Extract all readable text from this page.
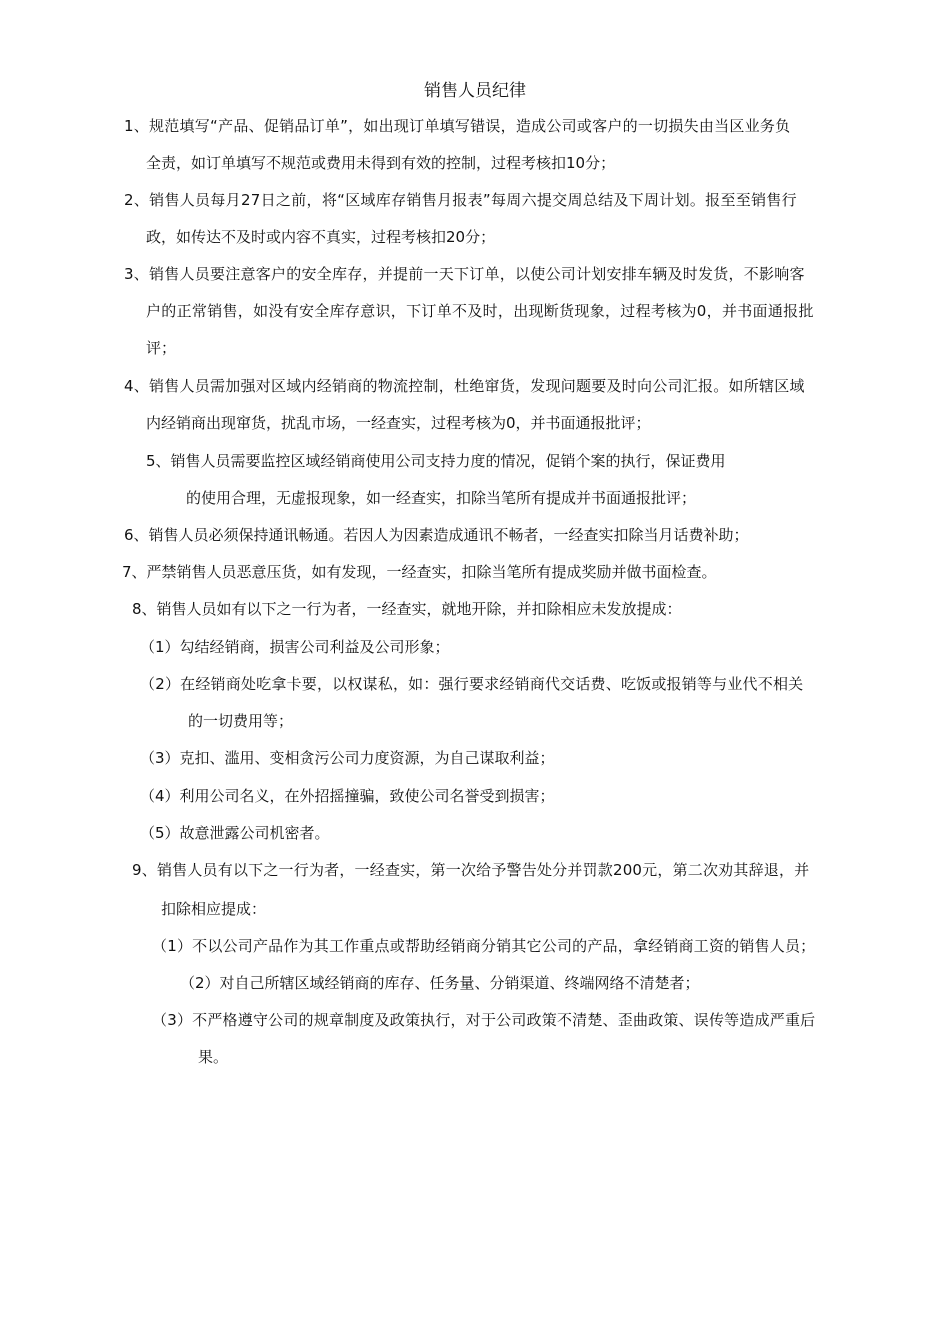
销售人员纪律
1、规范填写“产品、促销品订单”，如出现订单填写错误，造成公司或客户的一切损失由当区业务负
全责，如订单填写不规范或费用未得到有效的控制，过程考核扣10分；
2、销售人员每月27日之前，将“区域库存销售月报表”每周六提交周总结及下周计划。报至至销售行
政，如传达不及时或内容不真实，过程考核扣20分；
3、销售人员要注意客户的安全库存，并提前一天下订单，以使公司计划安排车辆及时发货，不影响客
户的正常销售，如没有安全库存意识，下订单不及时，出现断货现象，过程考核为0，并书面通报批
评；
4、销售人员需加强对区域内经销商的物流控制，杜绝窜货，发现问题要及时向公司汇报。如所辖区域
内经销商出现窜货，扰乱市场，一经查实，过程考核为0，并书面通报批评；
5、销售人员需要监控区域经销商使用公司支持力度的情况，促销个案的执行，保证费用
的使用合理，无虚报现象，如一经查实，扣除当笔所有提成并书面通报批评；
6、销售人员必须保持通讯畅通。若因人为因素造成通讯不畅者，一经查实扣除当月话费补助；
7、严禁销售人员恶意压货，如有发现，一经查实，扣除当笔所有提成奖励并做书面检查。
8、销售人员如有以下之一行为者，一经查实，就地开除，并扣除相应未发放提成：
（1）勾结经销商，损害公司利益及公司形象；
（2）在经销商处吃拿卡要，以权谋私，如：强行要求经销商代交话费、吃饭或报销等与业代不相关
的一切费用等；
（3）克扣、滥用、变相贪污公司力度资源，为自己谋取利益；
（4）利用公司名义，在外招摇撞骗，致使公司名誉受到损害；
（5）故意泄露公司机密者。
9、销售人员有以下之一行为者，一经查实，第一次给予警告处分并罚款200元，第二次劝其辞退，并
扣除相应提成：
（1）不以公司产品作为其工作重点或帮助经销商分销其它公司的产品，拿经销商工资的销售人员；
（2）对自己所辖区域经销商的库存、任务量、分销渠道、终端网络不清楚者；
（3）不严格遵守公司的规章制度及政策执行，对于公司政策不清楚、歪曲政策、误传等造成严重后
果。
